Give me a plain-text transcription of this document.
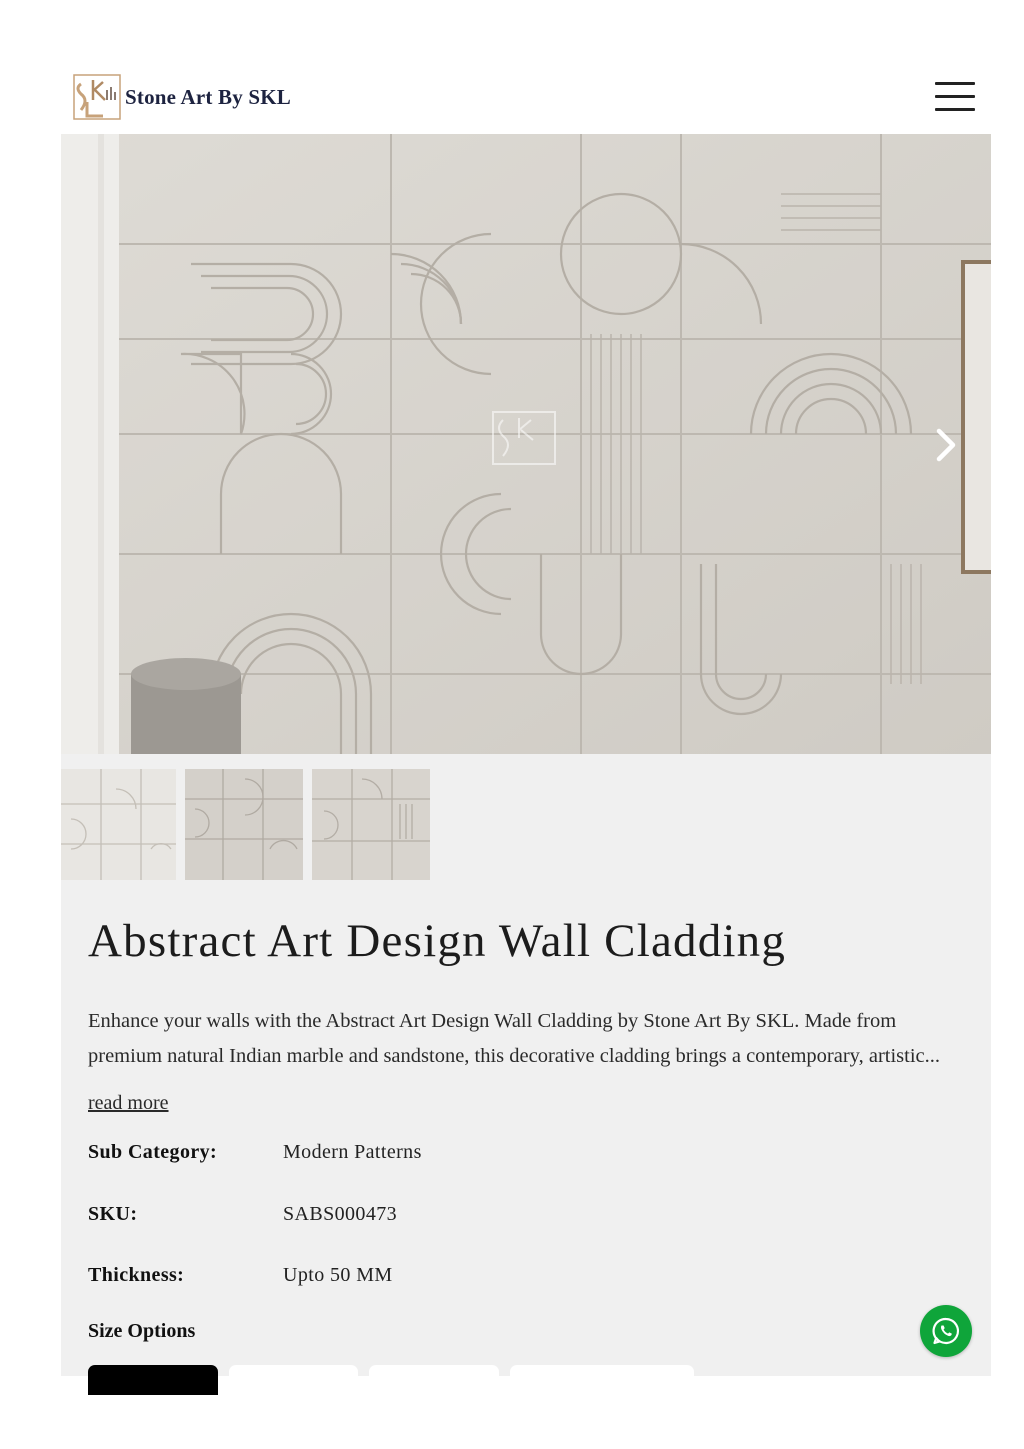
Stone Art By SKL
Abstract Art Design Wall Cladding

Enhance your walls with the Abstract Art Design Wall Cladding by Stone Art By SKL. Made from
premium natural Indian marble and sandstone, this decorative cladding brings a contemporary, artistic...

read more
Sub Category:	Modern Patterns
SKU:	SABS000473
Thickness:	Upto 50 MM
Size Options
